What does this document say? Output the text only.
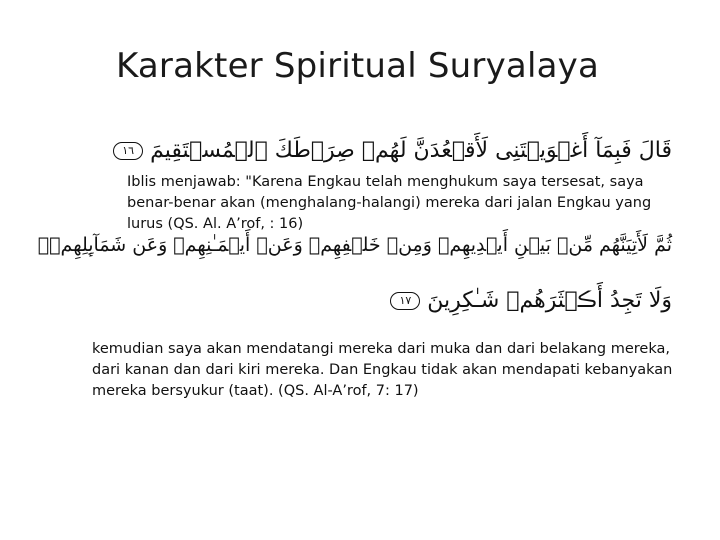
Karakter Spiritual Suryalaya
قَالَ فَبِمَآ أَغۡوَيۡتَنِى لَأَقۡعُدَنَّ لَهُمۡ صِرَٲطَكَ ٱلۡمُسۡتَقِيمَ ١٦
Iblis menjawab: "Karena Engkau telah menghukum saya tersesat, saya benar-benar akan (menghalang-halangi) mereka dari jalan Engkau yang lurus (QS. Al. A’rof, : 16)
ثُمَّ لَأَتِيَنَّهُم مِّنۢ بَيۡنِ أَيۡدِيهِمۡ وَمِنۡ خَلۡفِهِمۡ وَعَنۡ أَيۡمَـٰنِهِمۡ وَعَن شَمَآٮِٕلِهِمۡ‌ۖ
وَلَا تَجِدُ أَڪۡثَرَهُمۡ شَـٰكِرِينَ ١٧
kemudian saya akan mendatangi mereka dari muka dan dari belakang mereka, dari kanan dan dari kiri mereka. Dan Engkau tidak akan mendapati kebanyakan mereka bersyukur (taat). (QS. Al-A’rof, 7: 17)
